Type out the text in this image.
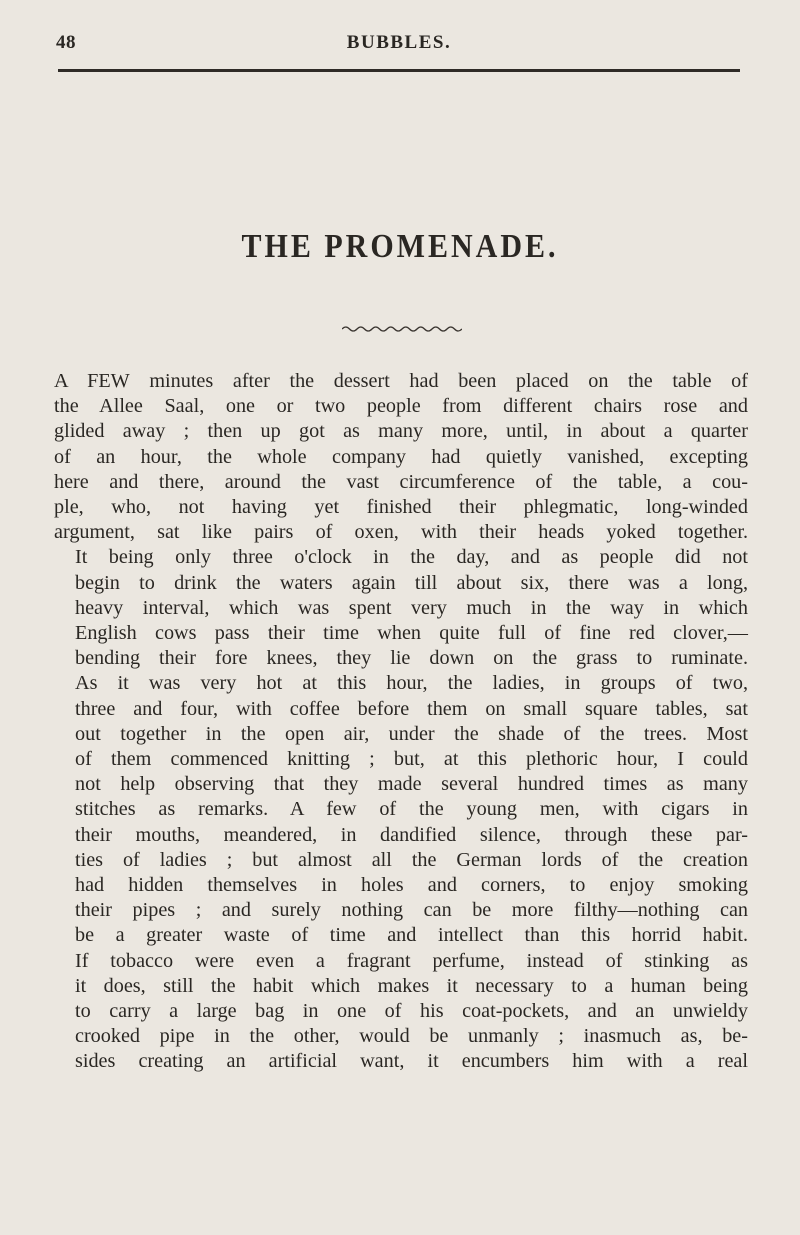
48	BUBBLES.
THE PROMENADE.

A FEW minutes after the dessert had been placed on the table of
the Allee Saal, one or two people from different chairs rose and
glided away ; then up got as many more, until, in about a quarter
of an hour, the whole company had quietly vanished, excepting
here and there, around the vast circumference of the table, a cou-
ple, who, not having yet finished their phlegmatic, long-winded
argument, sat like pairs of oxen, with their heads yoked together.

It being only three o'clock in the day, and as people did not
begin to drink the waters again till about six, there was a long,
heavy interval, which was spent very much in the way in which
English cows pass their time when quite full of fine red clover,—
bending their fore knees, they lie down on the grass to ruminate.

As it was very hot at this hour, the ladies, in groups of two,
three and four, with coffee before them on small square tables, sat
out together in the open air, under the shade of the trees. Most
of them commenced knitting ; but, at this plethoric hour, I could
not help observing that they made several hundred times as many
stitches as remarks. A few of the young men, with cigars in
their mouths, meandered, in dandified silence, through these par-
ties of ladies ; but almost all the German lords of the creation
had hidden themselves in holes and corners, to enjoy smoking
their pipes ; and surely nothing can be more filthy—nothing can
be a greater waste of time and intellect than this horrid habit.
If tobacco were even a fragrant perfume, instead of stinking as
it does, still the habit which makes it necessary to a human being
to carry a large bag in one of his coat-pockets, and an unwieldy
crooked pipe in the other, would be unmanly ; inasmuch as, be-
sides creating an artificial want, it encumbers him with a real
